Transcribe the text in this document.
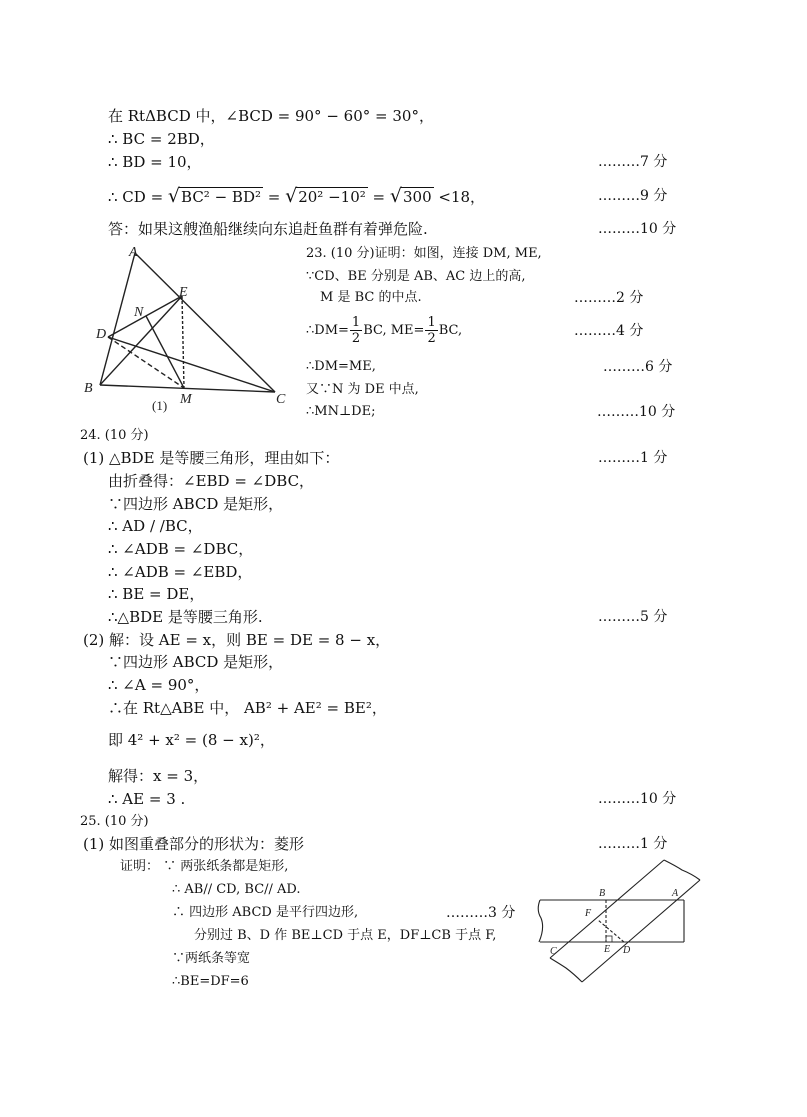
在 RtΔBCD 中，∠BCD = 90° − 60° = 30°，
∴ BC = 2BD，
∴ BD = 10，	………7 分
∴ CD = √BC² − BD² = √20² −10² = √300 <18，	………9 分
答：如果这艘渔船继续向东追赶鱼群有着弹危险.	………10 分
A
E
N
D
B
M	C
(1)
23. (10 分)证明：如图，连接 DM, ME,
∵CD、BE 分别是 AB、AC 边上的高,
M 是 BC 的中点.	………2 分
∴DM= $\frac{1}{2}$ BC, $ME= \frac{1}{2}$ BC,	………4 分
∴DM=ME,	………6 分
又∵N 为 DE 中点,
∴MN⊥DE;	………10 分
24. (10 分)
(1) △BDE 是等腰三角形，理由如下：	………1 分
由折叠得：∠EBD = ∠DBC，
∵四边形 ABCD 是矩形，
∴ AD / /BC，
∴ ∠ADB = ∠DBC，
∴ ∠ADB = ∠EBD，
∴ BE = DE，
∴△BDE 是等腰三角形.	………5 分
(2) 解：设 AE = x，则 BE = DE = 8 − x，
∵四边形 ABCD 是矩形，
∴ ∠A = 90°，
∴在 Rt△ABE 中， AB² + AE² = BE²，
即 4² + x² = (8 − x)²，
解得：x = 3，
∴ AE = 3 .	………10 分
25. (10 分)
(1) 如图重叠部分的形状为：菱形	………1 分
证明： ∵ 两张纸条都是矩形,
∴ AB// CD, BC// AD.
∴ 四边形 ABCD 是平行四边形,	………3 分
分别过 B、D 作 BE⊥CD 于点 E，DF⊥CB 于点 F,
∵两纸条等宽
∴BE=DF=6
B	A
F
C	E D
